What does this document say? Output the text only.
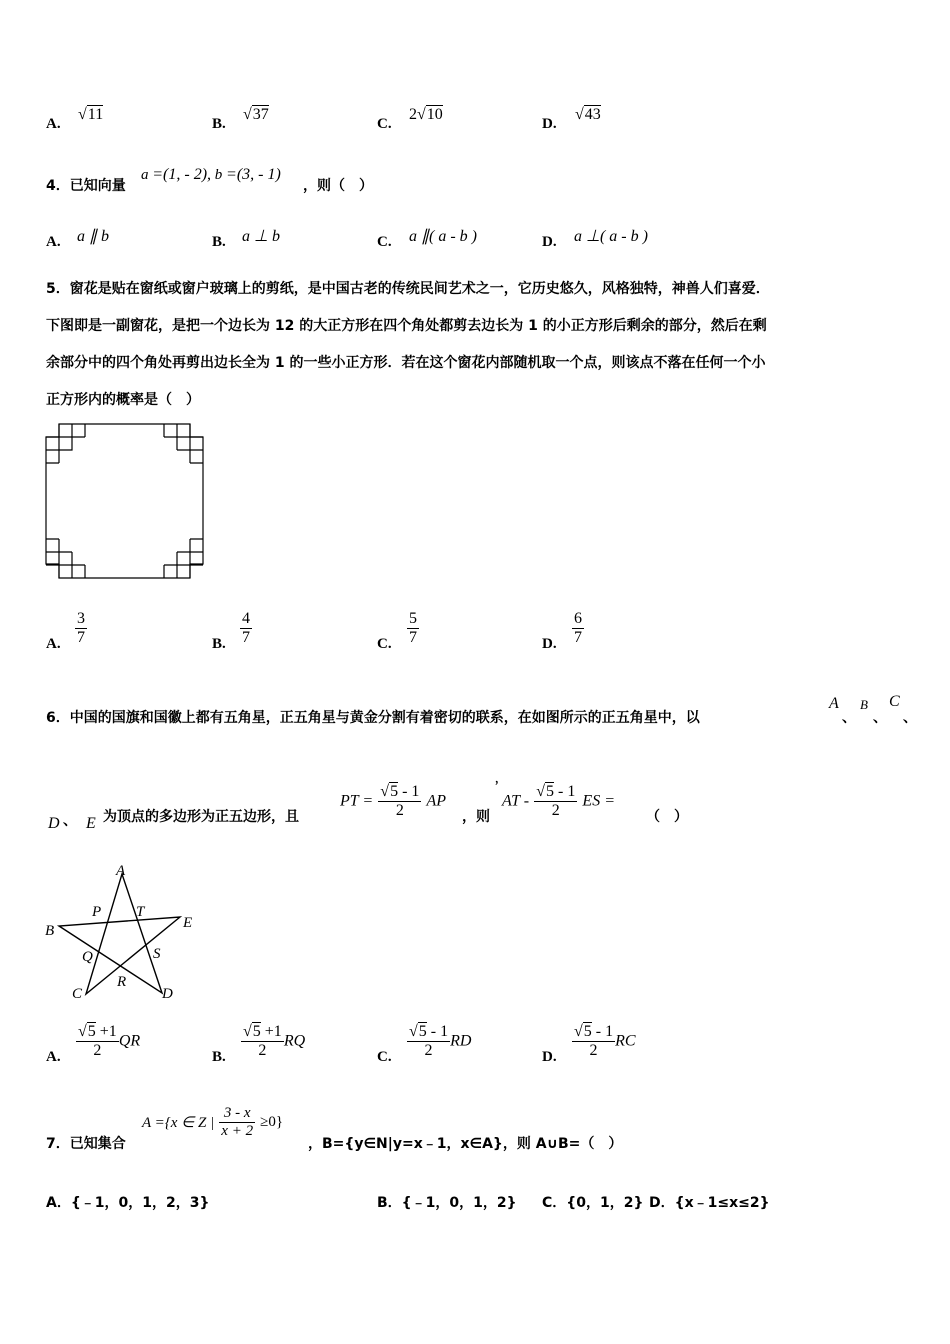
A.
√11
B.
√37
C.
2√10
D.
√43
4．已知向量
a =(1, - 2), b =(3, - 1)
，则（　）
A. a ∥ b	B. a ⊥ b	C. a ∥( a - b )	D. a ⊥( a - b )
5．窗花是贴在窗纸或窗户玻璃上的剪纸，是中国古老的传统民间艺术之一，它历史悠久，风格独特，神兽人们喜爱．
下图即是一副窗花，是把一个边长为 12 的大正方形在四个角处都剪去边长为 1 的小正方形后剩余的部分，然后在剩
余部分中的四个角处再剪出边长全为 1 的一些小正方形．若在这个窗花内部随机取一个点，则该点不落在任何一个小
正方形内的概率是（　）
A. $\frac{3}{7}$	B. $\frac{4}{7}$	C. $\frac{5}{7}$	D. $\frac{6}{7}$
6．中国的国旗和国徽上都有五角星，正五角星与黄金分割有着密切的联系，在如图所示的正五角星中，以
A
、
B
、
C
、
D 、 E 为顶点的多边形为正五边形，且
PT = $\frac{√5 - 1}{2}$ AP
，则
，
AT - $\frac{√5 - 1}{2}$ ES =
（　）
A
B
C	D
E
P T
Q	S
R
A. $\frac{√5 +1}{2}$ QR
B. $\frac{√5 +1}{2}$ RQ
C. $\frac{√5 - 1}{2}$ RD
D. $\frac{√5 - 1}{2}$ RC
7．已知集合
A ={x ∈ Z | $\frac{3 - x}{x + 2} \ge 0$}
，B={y∈N|y=x﹣1，x∈A}，则 A∪B=（　）
A．{﹣1，0，1，2，3}	B．{﹣1，0，1，2} C．{0，1，2} D．{x﹣1≤x≤2}
